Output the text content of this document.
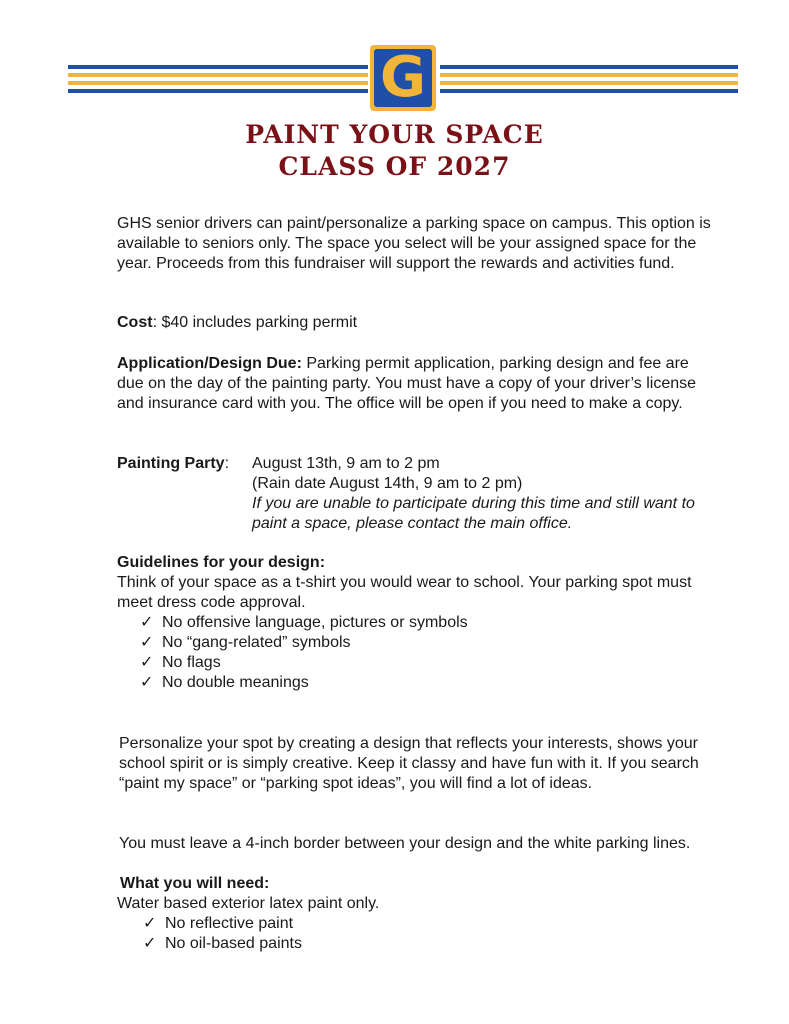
G
PAINT YOUR SPACE
CLASS OF 2027

GHS senior drivers can paint/personalize a parking space on campus. This option is available to seniors only. The space you select will be your assigned space for the year. Proceeds from this fundraiser will support the rewards and activities fund.

Cost: $40 includes parking permit

Application/Design Due: Parking permit application, parking design and fee are due on the day of the painting party. You must have a copy of your driver’s license and insurance card with you. The office will be open if you need to make a copy.

Painting Party:	August 13th, 9 am to 2 pm
(Rain date August 14th, 9 am to 2 pm)
If you are unable to participate during this time and still want to paint a space, please contact the main office.
Guidelines for your design:

Think of your space as a t-shirt you would wear to school. Your parking spot must meet dress code approval.

✓ No offensive language, pictures or symbols
✓ No “gang-related” symbols
✓ No flags
✓ No double meanings

Personalize your spot by creating a design that reflects your interests, shows your school spirit or is simply creative. Keep it classy and have fun with it. If you search “paint my space” or “parking spot ideas”, you will find a lot of ideas.

You must leave a 4-inch border between your design and the white parking lines.

What you will need:
Water based exterior latex paint only.
✓ No reflective paint
✓ No oil-based paints
